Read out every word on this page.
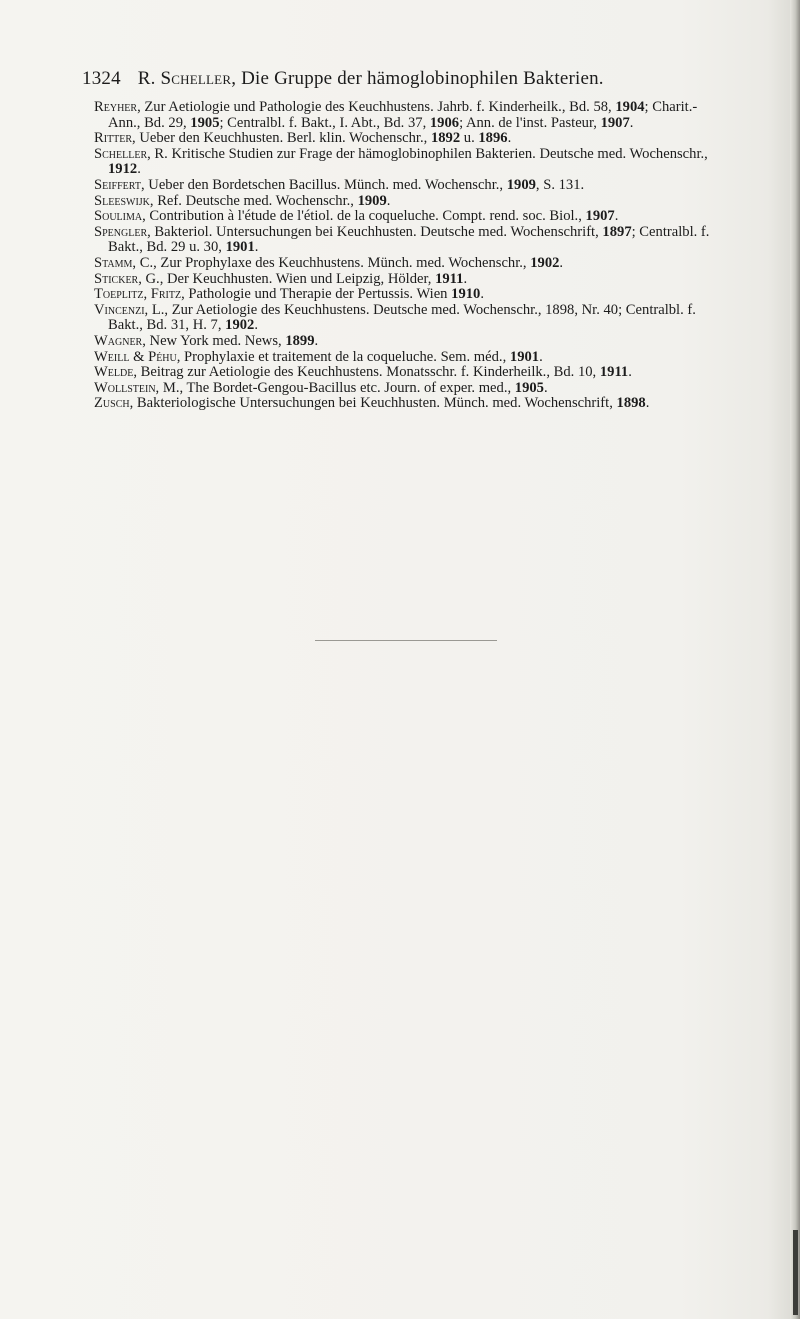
1324 R. Scheller, Die Gruppe der hämoglobinophilen Bakterien.

Reyher, Zur Aetiologie und Pathologie des Keuchhustens. Jahrb. f. Kinderheilk., Bd. 58, 1904; Charit.-Ann., Bd. 29, 1905; Centralbl. f. Bakt., I. Abt., Bd. 37, 1906; Ann. de l'inst. Pasteur, 1907.

Ritter, Ueber den Keuchhusten. Berl. klin. Wochenschr., 1892 u. 1896.

Scheller, R. Kritische Studien zur Frage der hämoglobinophilen Bakterien. Deutsche med. Wochenschr., 1912.

Seiffert, Ueber den Bordetschen Bacillus. Münch. med. Wochenschr., 1909, S. 131.

Sleeswijk, Ref. Deutsche med. Wochenschr., 1909.

Soulima, Contribution à l'étude de l'étiol. de la coqueluche. Compt. rend. soc. Biol., 1907.

Spengler, Bakteriol. Untersuchungen bei Keuchhusten. Deutsche med. Wochenschrift, 1897; Centralbl. f. Bakt., Bd. 29 u. 30, 1901.

Stamm, C., Zur Prophylaxe des Keuchhustens. Münch. med. Wochenschr., 1902.

Sticker, G., Der Keuchhusten. Wien und Leipzig, Hölder, 1911.

Toeplitz, Fritz, Pathologie und Therapie der Pertussis. Wien 1910.

Vincenzi, L., Zur Aetiologie des Keuchhustens. Deutsche med. Wochenschr., 1898, Nr. 40; Centralbl. f. Bakt., Bd. 31, H. 7, 1902.

Wagner, New York med. News, 1899.

Weill & Péhu, Prophylaxie et traitement de la coqueluche. Sem. méd., 1901.

Welde, Beitrag zur Aetiologie des Keuchhustens. Monatsschr. f. Kinderheilk., Bd. 10, 1911.

Wollstein, M., The Bordet-Gengou-Bacillus etc. Journ. of exper. med., 1905.

Zusch, Bakteriologische Untersuchungen bei Keuchhusten. Münch. med. Wochenschrift, 1898.
